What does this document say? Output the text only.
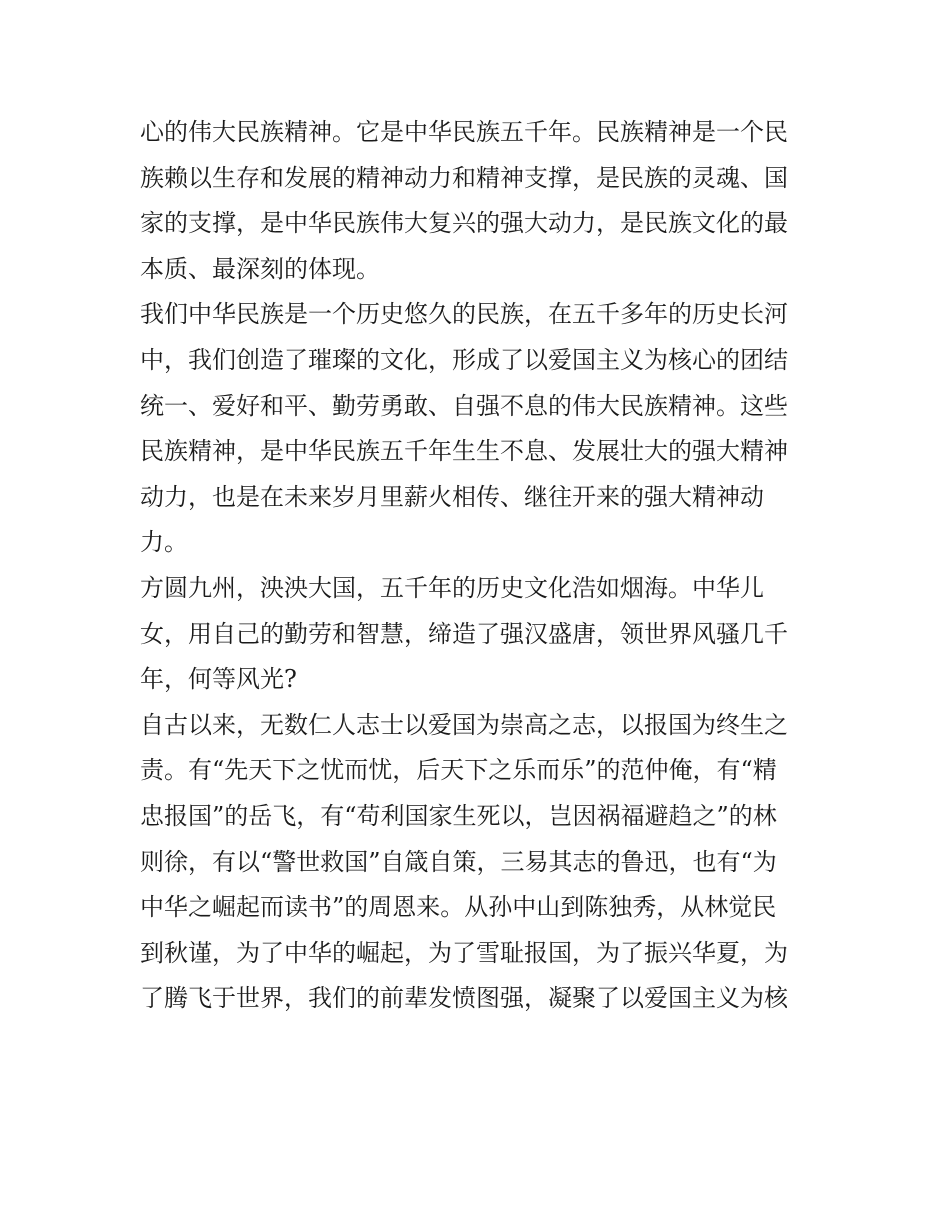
心的伟大民族精神。它是中华民族五千年。民族精神是一个民
族赖以生存和发展的精神动力和精神支撑，是民族的灵魂、国
家的支撑，是中华民族伟大复兴的强大动力，是民族文化的最
本质、最深刻的体现。
我们中华民族是一个历史悠久的民族，在五千多年的历史长河
中，我们创造了璀璨的文化，形成了以爱国主义为核心的团结
统一、爱好和平、勤劳勇敢、自强不息的伟大民族精神。这些
民族精神，是中华民族五千年生生不息、发展壮大的强大精神
动力，也是在未来岁月里薪火相传、继往开来的强大精神动
力。
方圆九州，泱泱大国，五千年的历史文化浩如烟海。中华儿
女，用自己的勤劳和智慧，缔造了强汉盛唐，领世界风骚几千
年，何等风光?
自古以来，无数仁人志士以爱国为崇高之志，以报国为终生之
责。有“先天下之忧而忧，后天下之乐而乐”的范仲俺，有“精
忠报国”的岳飞，有“苟利国家生死以，岂因祸福避趋之”的林
则徐，有以“警世救国”自箴自策，三易其志的鲁迅，也有“为
中华之崛起而读书”的周恩来。从孙中山到陈独秀，从林觉民
到秋谨，为了中华的崛起，为了雪耻报国，为了振兴华夏，为
了腾飞于世界，我们的前辈发愤图强，凝聚了以爱国主义为核
